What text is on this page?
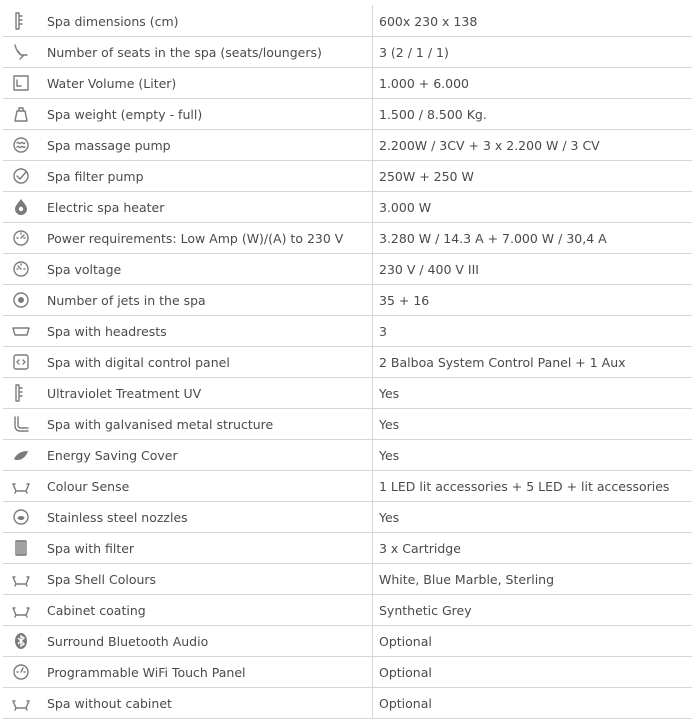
	Spa dimensions (cm)	600x 230 x 138

	Number of seats in the spa (seats/loungers)	3 (2 / 1 / 1)

	Water Volume (Liter)	1.000 + 6.000

	Spa weight (empty - full)	1.500 / 8.500 Kg.

	Spa massage pump	2.200W / 3CV + 3 x 2.200 W / 3 CV

	Spa filter pump	250W + 250 W

	Electric spa heater	3.000 W

	Power requirements: Low Amp (W)/(A) to 230 V	3.280 W / 14.3 A + 7.000 W / 30,4 A

	Spa voltage	230 V / 400 V III

	Number of jets in the spa	35 + 16

	Spa with headrests	3

	Spa with digital control panel	2 Balboa System Control Panel + 1 Aux

	Ultraviolet Treatment UV	Yes

	Spa with galvanised metal structure	Yes

	Energy Saving Cover	Yes

	Colour Sense	1 LED lit accessories + 5 LED + lit accessories

	Stainless steel nozzles	Yes

	Spa with filter	3 x Cartridge

	Spa Shell Colours	White, Blue Marble, Sterling

	Cabinet coating	Synthetic Grey

	Surround Bluetooth Audio	Optional

	Programmable WiFi Touch Panel	Optional

	Spa without cabinet	Optional
